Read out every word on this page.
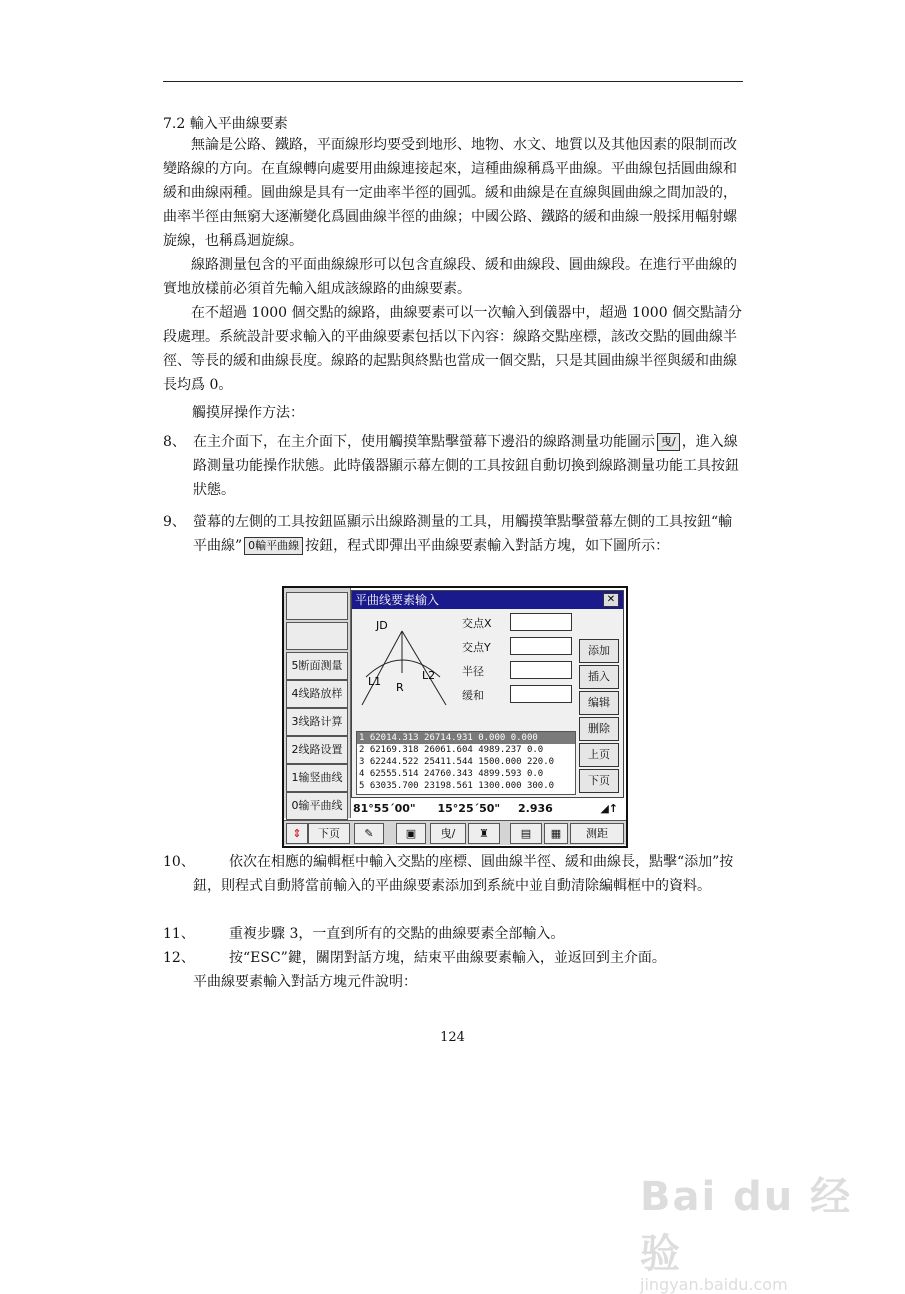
7.2 輸入平曲線要素

無論是公路、鐵路，平面線形均要受到地形、地物、水文、地質以及其他因素的限制而改變路線的方向。在直線轉向處要用曲線連接起來，這種曲線稱爲平曲線。平曲線包括圓曲線和緩和曲線兩種。圓曲線是具有一定曲率半徑的圓弧。緩和曲線是在直線與圓曲線之間加設的，曲率半徑由無窮大逐漸變化爲圓曲線半徑的曲線；中國公路、鐵路的緩和曲線一般採用輻射螺旋線，也稱爲迴旋線。

線路測量包含的平面曲線線形可以包含直線段、緩和曲線段、圓曲線段。在進行平曲線的實地放樣前必須首先輸入組成該線路的曲線要素。

在不超過 1000 個交點的線路，曲線要素可以一次輸入到儀器中，超過 1000 個交點請分段處理。系統設計要求輸入的平曲線要素包括以下內容：線路交點座標，該改交點的圓曲線半徑、等長的緩和曲線長度。線路的起點與終點也當成一個交點，只是其圓曲線半徑與緩和曲線長均爲 0。

觸摸屏操作方法：
8、 在主介面下，在主介面下，使用觸摸筆點擊螢幕下邊沿的線路測量功能圖示 曳/ ，進入線路測量功能操作狀態。此時儀器顯示幕左側的工具按鈕自動切換到線路測量功能工具按鈕狀態。
9、 螢幕的左側的工具按鈕區顯示出線路測量的工具，用觸摸筆點擊螢幕左側的工具按鈕“輸平曲線” 0輸平曲線 按鈕，程式即彈出平曲線要素輸入對話方塊，如下圖所示：
5断面测量
4线路放样
3线路计算
2线路设置
1输竖曲线
0输平曲线
平曲线要素输入	✕
JD
L1 R
L2
交点X
交点Y
半径
缓和
添加
插入
编辑
删除
上页
下页
1 62014.313 26714.931 0.000 0.000
2 62169.318 26061.604 4989.237 0.0
3 62244.522 25411.544 1500.000 220.0
4 62555.514 24760.343 4899.593 0.0
5 63035.700 23198.561 1300.000 300.0
81°55´00" 15°25´50" 2.936	◢↑
⇕	下页	✎	▣	曳/	♜	▤	▦	测距
10、	依次在相應的編輯框中輸入交點的座標、圓曲線半徑、緩和曲線長，點擊“添加”按鈕，則程式自動將當前輸入的平曲線要素添加到系統中並自動清除編輯框中的資料。
11、	重複步驟 3，一直到所有的交點的曲線要素全部輸入。
12、	按“ESC”鍵，關閉對話方塊，結束平曲線要素輸入，並返回到主介面。
平曲線要素輸入對話方塊元件說明：
124
Bai du 经验
jingyan.baidu.com
